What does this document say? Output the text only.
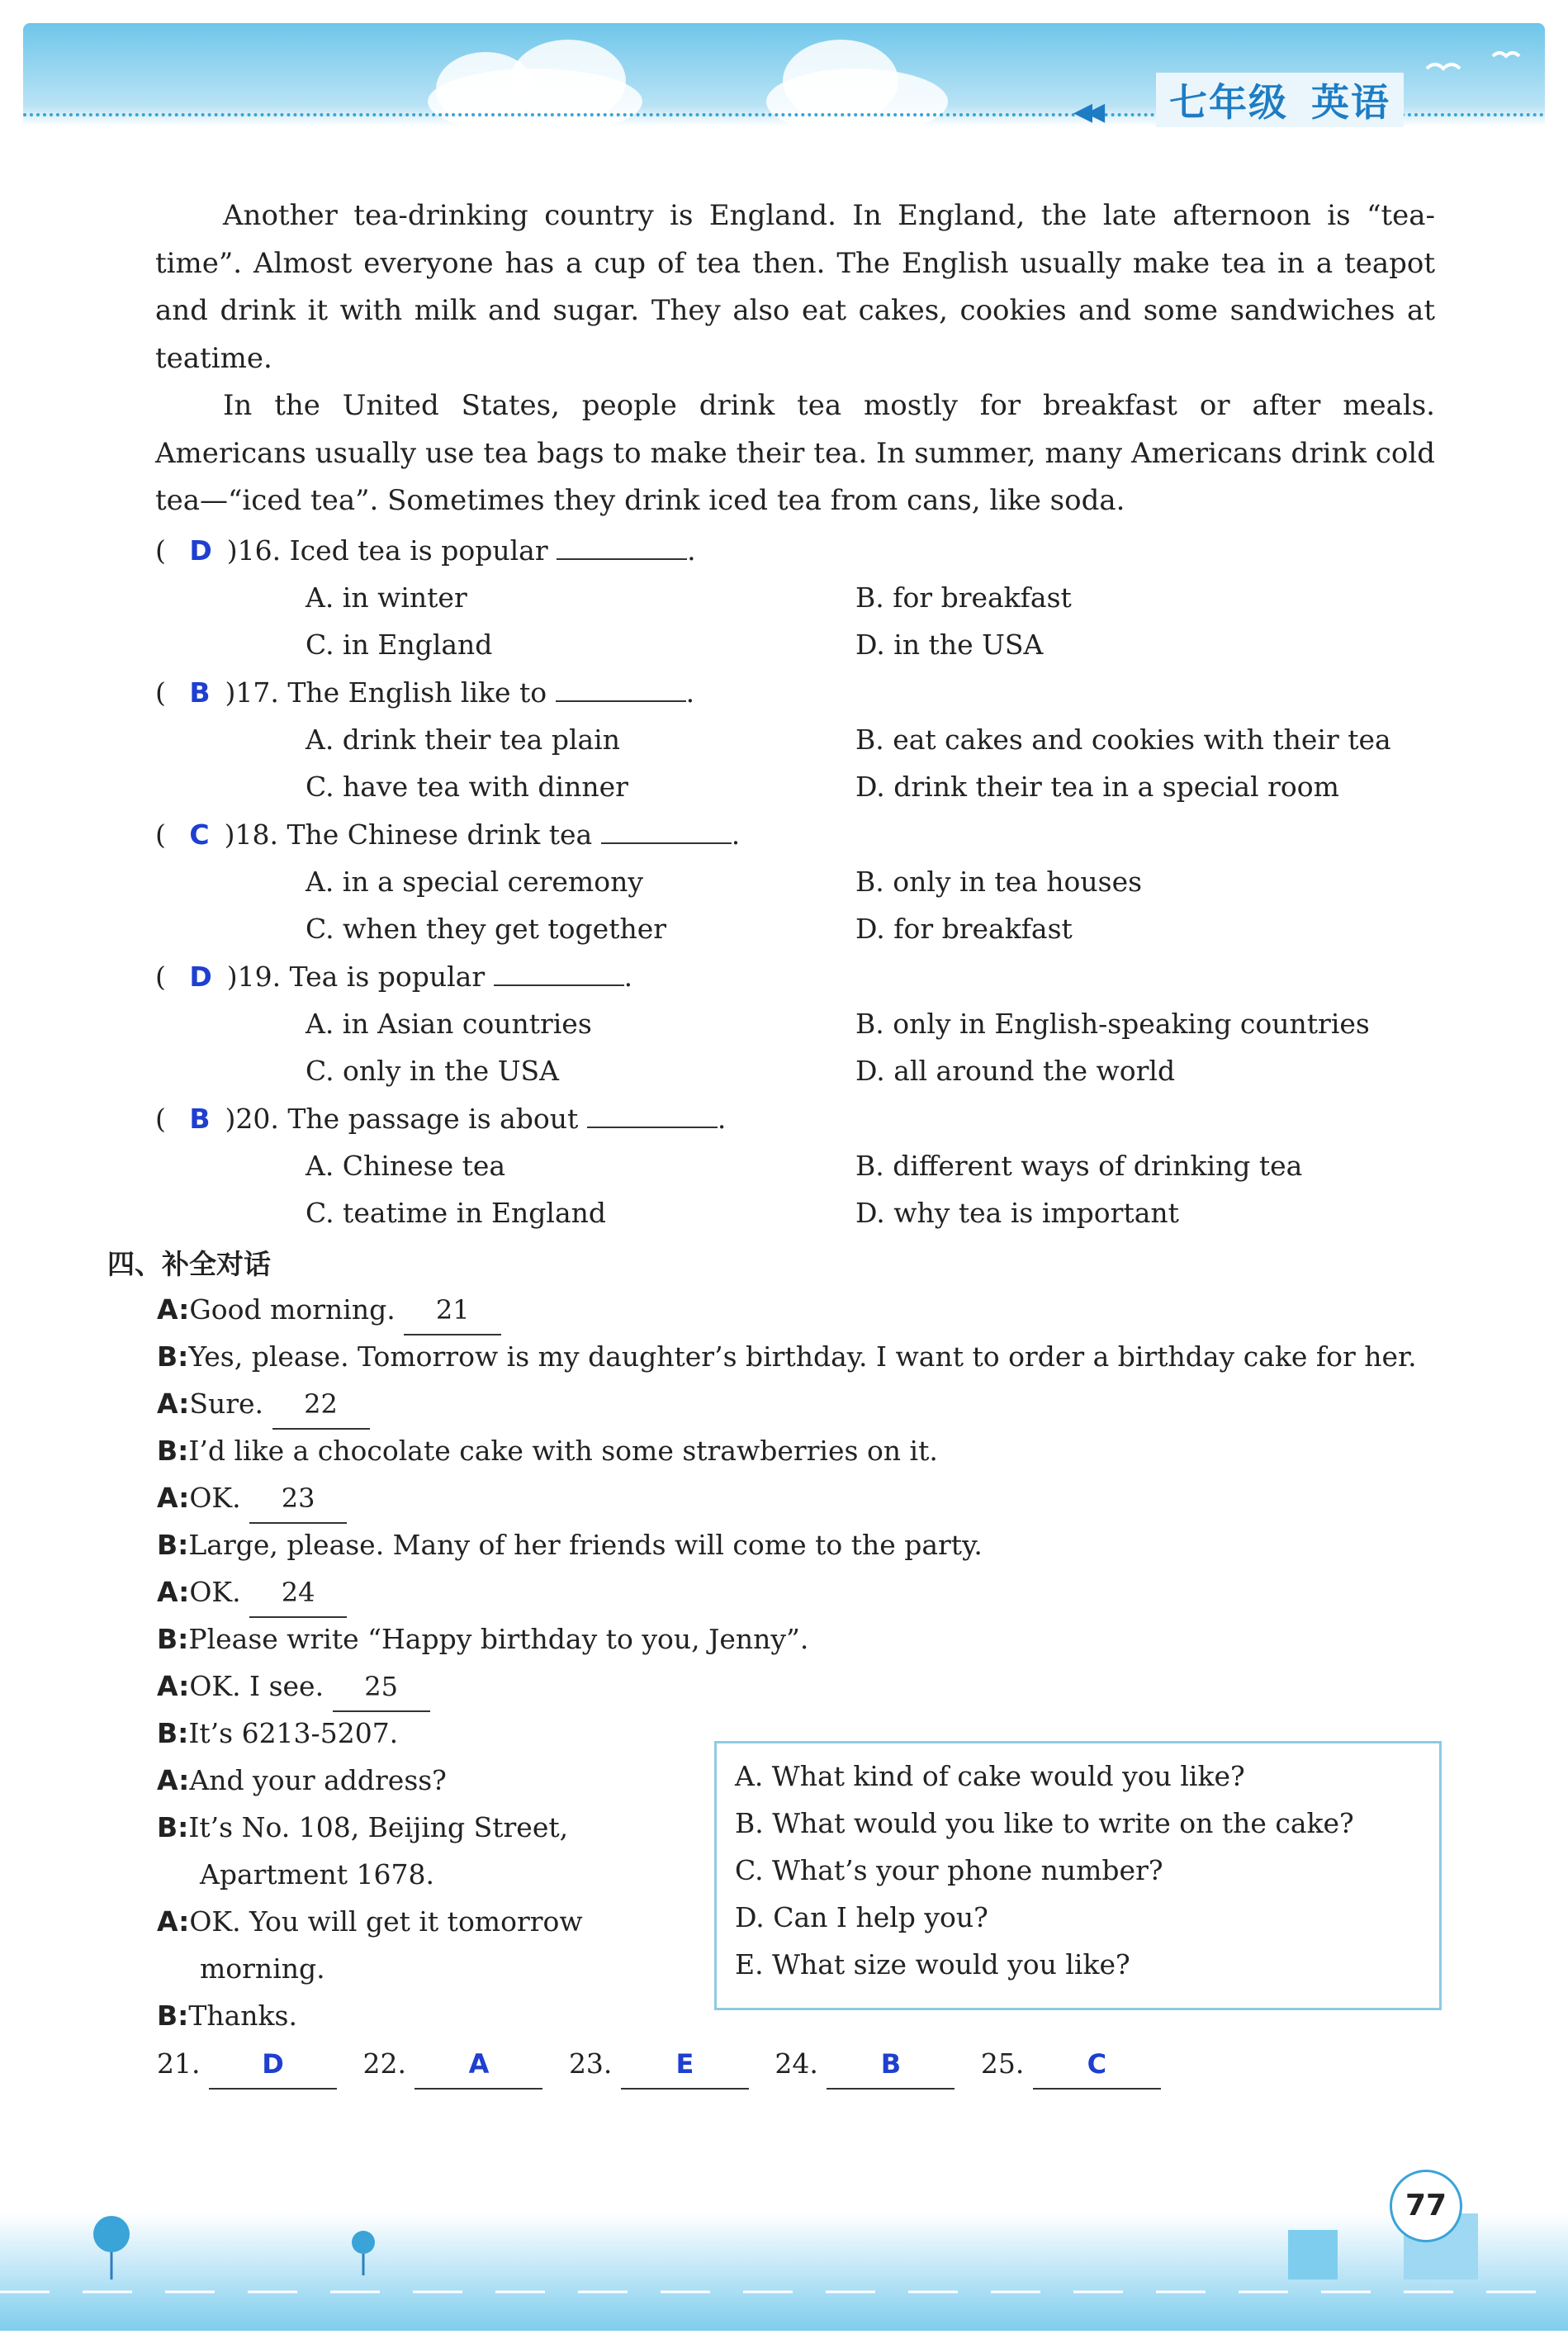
◀◀	七年级 英语
Another tea-drinking country is England. In England, the late afternoon is “tea-time”. Almost everyone has a cup of tea then. The English usually make tea in a teapot and drink it with milk and sugar. They also eat cakes, cookies and some sandwiches at teatime.
In the United States, people drink tea mostly for breakfast or after meals. Americans usually use tea bags to make their tea. In summer, many Americans drink cold tea—“iced tea”. Sometimes they drink iced tea from cans, like soda.
( D )16. Iced tea is popular	.
A. in winter	B. for breakfast
C. in England	D. in the USA
( B )17. The English like to	.
A. drink their tea plain	B. eat cakes and cookies with their tea
C. have tea with dinner	D. drink their tea in a special room
( C )18. The Chinese drink tea	.
A. in a special ceremony	B. only in tea houses
C. when they get together	D. for breakfast
( D )19. Tea is popular	.
A. in Asian countries	B. only in English-speaking countries
C. only in the USA	D. all around the world
( B )20. The passage is about	.
A. Chinese tea	B. different ways of drinking tea
C. teatime in England	D. why tea is important
四、补全对话
A:Good morning. 21
B:Yes, please. Tomorrow is my daughter’s birthday. I want to order a birthday cake for her.
A:Sure. 22
B:I’d like a chocolate cake with some strawberries on it.
A:OK. 23
B:Large, please. Many of her friends will come to the party.
A:OK. 24
B:Please write “Happy birthday to you, Jenny”.
A:OK. I see. 25
B:It’s 6213-5207.
A:And your address?
B:It’s No. 108, Beijing Street,
Apartment 1678.
A:OK. You will get it tomorrow
morning.
B:Thanks.
A. What kind of cake would you like?
B. What would you like to write on the cake?
C. What’s your phone number?
D. Can I help you?
E. What size would you like?
21. D	22. A	23. E	24. B	25. C
77
